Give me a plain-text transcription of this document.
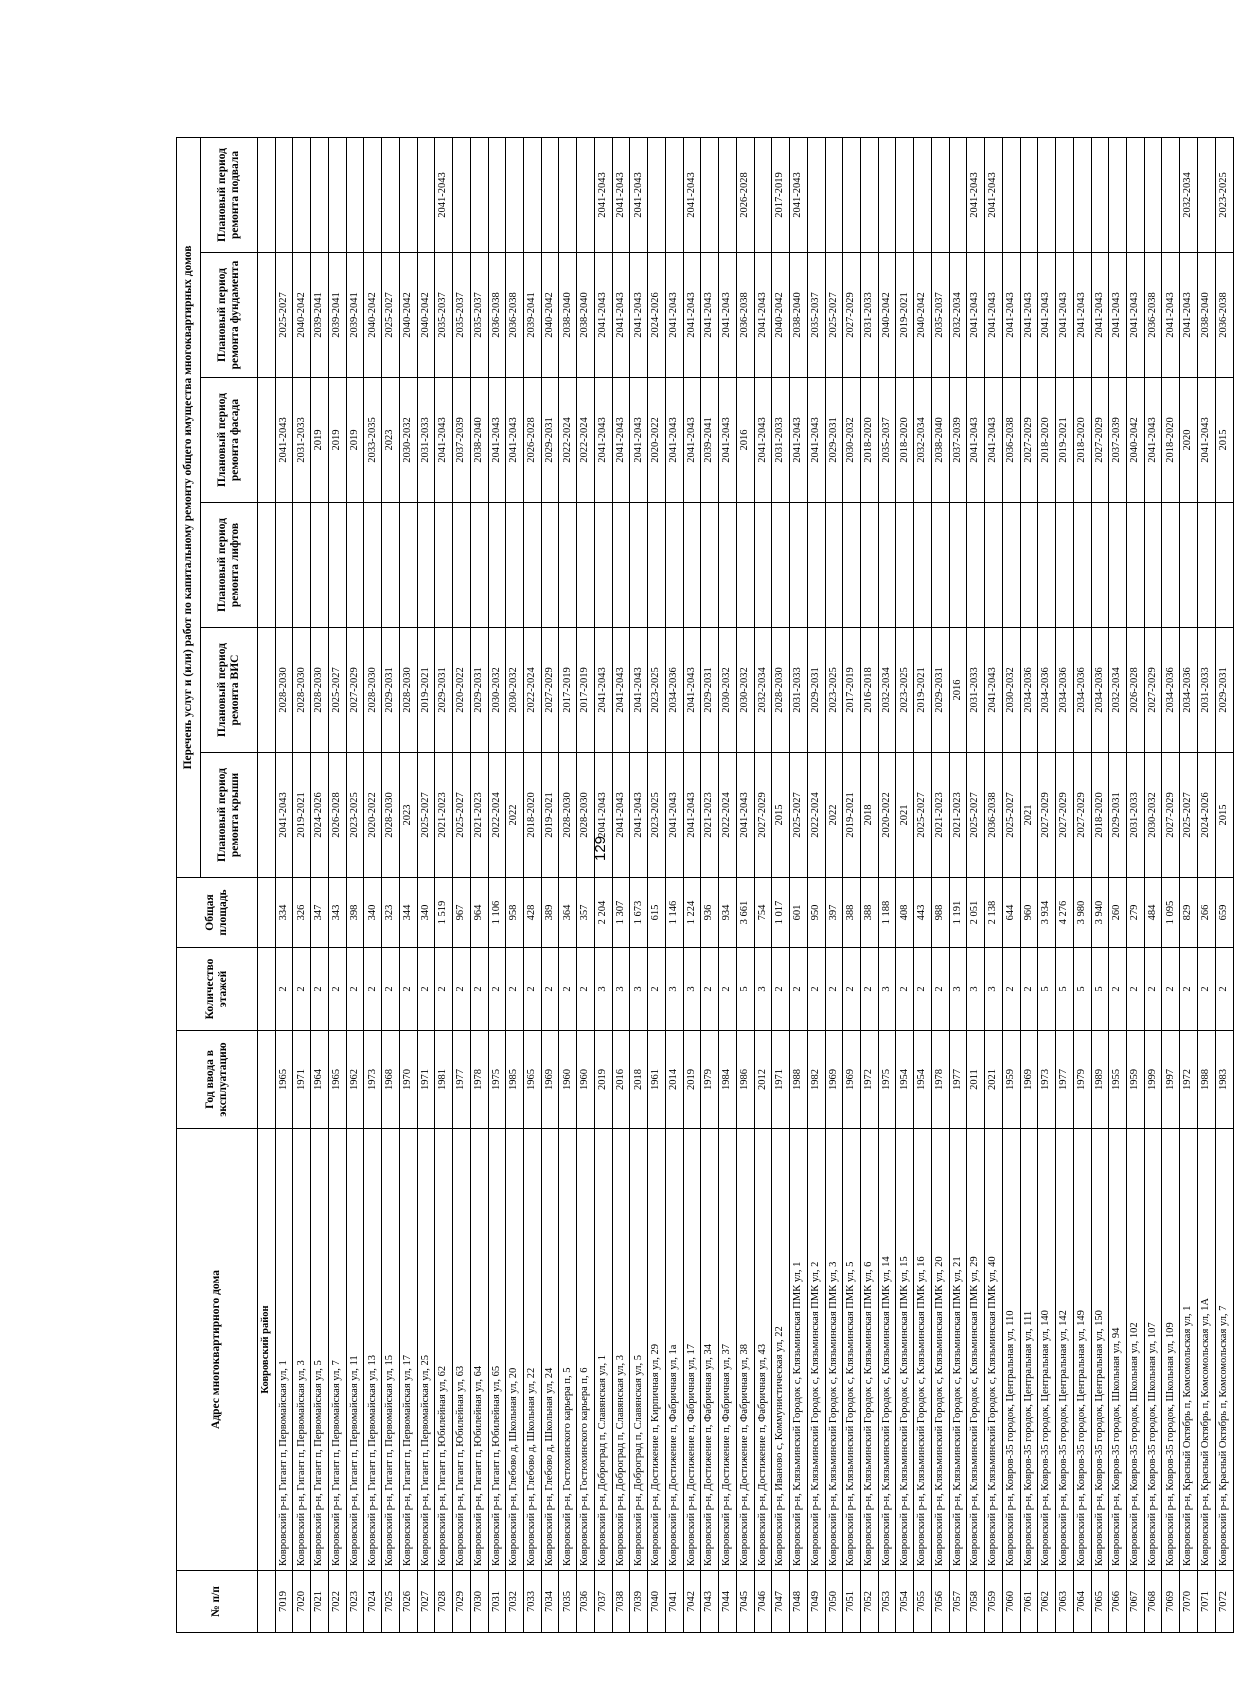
129
№ п/п	Адрес многоквартирного дома	Год ввода в эксплуатацию	Количество этажей	Общая площадь	Перечень услуг и (или) работ по капитальному ремонту общего имущества многоквартирных домов					
					Плановый период ремонта крыши	Плановый период ремонта ВИС	Плановый период ремонта лифтов	Плановый период ремонта фасада	Плановый период ремонта фундамента	Плановый период ремонта подвала
	Ковровский район									
7019	Ковровский р-н, Гигант п, Первомайская ул, 1	1965	2	334	2041-2043	2028-2030		2041-2043	2025-2027	
7020	Ковровский р-н, Гигант п, Первомайская ул, 3	1971	2	326	2019-2021	2028-2030		2031-2033	2040-2042	
7021	Ковровский р-н, Гигант п, Первомайская ул, 5	1964	2	347	2024-2026	2028-2030		2019	2039-2041	
7022	Ковровский р-н, Гигант п, Первомайская ул, 7	1965	2	343	2026-2028	2025-2027		2019	2039-2041	
7023	Ковровский р-н, Гигант п, Первомайская ул, 11	1962	2	398	2023-2025	2027-2029		2019	2039-2041	
7024	Ковровский р-н, Гигант п, Первомайская ул, 13	1973	2	340	2020-2022	2028-2030		2033-2035	2040-2042	
7025	Ковровский р-н, Гигант п, Первомайская ул, 15	1968	2	323	2028-2030	2029-2031		2023	2025-2027	
7026	Ковровский р-н, Гигант п, Первомайская ул, 17	1970	2	344	2023	2028-2030		2030-2032	2040-2042	
7027	Ковровский р-н, Гигант п, Первомайская ул, 25	1971	2	340	2025-2027	2019-2021		2031-2033	2040-2042	
7028	Ковровский р-н, Гигант п, Юбилейная ул, 62	1981	2	1 519	2021-2023	2029-2031		2041-2043	2035-2037	2041-2043
7029	Ковровский р-н, Гигант п, Юбилейная ул, 63	1977	2	967	2025-2027	2020-2022		2037-2039	2035-2037	
7030	Ковровский р-н, Гигант п, Юбилейная ул, 64	1978	2	964	2021-2023	2029-2031		2038-2040	2035-2037	
7031	Ковровский р-н, Гигант п, Юбилейная ул, 65	1975	2	1 106	2022-2024	2030-2032		2041-2043	2036-2038	
7032	Ковровский р-н, Глебово д, Школьная ул, 20	1985	2	958	2022	2030-2032		2041-2043	2036-2038	
7033	Ковровский р-н, Глебово д, Школьная ул, 22	1965	2	428	2018-2020	2022-2024		2026-2028	2039-2041	
7034	Ковровский р-н, Глебово д, Школьная ул, 24	1969	2	389	2019-2021	2027-2029		2029-2031	2040-2042	
7035	Ковровский р-н, Гостюхинского карьера п, 5	1960	2	364	2028-2030	2017-2019		2022-2024	2038-2040	
7036	Ковровский р-н, Гостюхинского карьера п, 6	1960	2	357	2028-2030	2017-2019		2022-2024	2038-2040	
7037	Ковровский р-н, Доброград п, Славянская ул, 1	2019	3	2 204	2041-2043	2041-2043		2041-2043	2041-2043	2041-2043
7038	Ковровский р-н, Доброград п, Славянская ул, 3	2016	3	1 307	2041-2043	2041-2043		2041-2043	2041-2043	2041-2043
7039	Ковровский р-н, Доброград п, Славянская ул, 5	2018	3	1 673	2041-2043	2041-2043		2041-2043	2041-2043	2041-2043
7040	Ковровский р-н, Достижение п, Кирпичная ул, 29	1961	2	615	2023-2025	2023-2025		2020-2022	2024-2026	
7041	Ковровский р-н, Достижение п, Фабричная ул, 1а	2014	3	1 146	2041-2043	2034-2036		2041-2043	2041-2043	
7042	Ковровский р-н, Достижение п, Фабричная ул, 17	2019	3	1 224	2041-2043	2041-2043		2041-2043	2041-2043	2041-2043
7043	Ковровский р-н, Достижение п, Фабричная ул, 34	1979	2	936	2021-2023	2029-2031		2039-2041	2041-2043	
7044	Ковровский р-н, Достижение п, Фабричная ул, 37	1984	2	934	2022-2024	2030-2032		2041-2043	2041-2043	
7045	Ковровский р-н, Достижение п, Фабричная ул, 38	1986	5	3 661	2041-2043	2030-2032		2016	2036-2038	2026-2028
7046	Ковровский р-н, Достижение п, Фабричная ул, 43	2012	3	754	2027-2029	2032-2034		2041-2043	2041-2043	
7047	Ковровский р-н, Иваново с, Коммунистическая ул, 22	1971	2	1 017	2015	2028-2030		2031-2033	2040-2042	2017-2019
7048	Ковровский р-н, Клязьминский Городок с, Клязьминская ПМК ул, 1	1988	2	601	2025-2027	2031-2033		2041-2043	2038-2040	2041-2043
7049	Ковровский р-н, Клязьминский Городок с, Клязьминская ПМК ул, 2	1982	2	950	2022-2024	2029-2031		2041-2043	2035-2037	
7050	Ковровский р-н, Клязьминский Городок с, Клязьминская ПМК ул, 3	1969	2	397	2022	2023-2025		2029-2031	2025-2027	
7051	Ковровский р-н, Клязьминский Городок с, Клязьминская ПМК ул, 5	1969	2	388	2019-2021	2017-2019		2030-2032	2027-2029	
7052	Ковровский р-н, Клязьминский Городок с, Клязьминская ПМК ул, 6	1972	2	388	2018	2016-2018		2018-2020	2031-2033	
7053	Ковровский р-н, Клязьминский Городок с, Клязьминская ПМК ул, 14	1975	3	1 188	2020-2022	2032-2034		2035-2037	2040-2042	
7054	Ковровский р-н, Клязьминский Городок с, Клязьминская ПМК ул, 15	1954	2	408	2021	2023-2025		2018-2020	2019-2021	
7055	Ковровский р-н, Клязьминский Городок с, Клязьминская ПМК ул, 16	1954	2	443	2025-2027	2019-2021		2032-2034	2040-2042	
7056	Ковровский р-н, Клязьминский Городок с, Клязьминская ПМК ул, 20	1978	2	988	2021-2023	2029-2031		2038-2040	2035-2037	
7057	Ковровский р-н, Клязьминский Городок с, Клязьминская ПМК ул, 21	1977	3	1 191	2021-2023	2016		2037-2039	2032-2034	
7058	Ковровский р-н, Клязьминский Городок с, Клязьминская ПМК ул, 29	2011	3	2 051	2025-2027	2031-2033		2041-2043	2041-2043	2041-2043
7059	Ковровский р-н, Клязьминский Городок с, Клязьминская ПМК ул, 40	2021	3	2 138	2036-2038	2041-2043		2041-2043	2041-2043	2041-2043
7060	Ковровский р-н, Ковров-35 городок, Центральная ул, 110	1959	2	644	2025-2027	2030-2032		2036-2038	2041-2043	
7061	Ковровский р-н, Ковров-35 городок, Центральная ул, 111	1969	2	960	2021	2034-2036		2027-2029	2041-2043	
7062	Ковровский р-н, Ковров-35 городок, Центральная ул, 140	1973	5	3 934	2027-2029	2034-2036		2018-2020	2041-2043	
7063	Ковровский р-н, Ковров-35 городок, Центральная ул, 142	1977	5	4 276	2027-2029	2034-2036		2019-2021	2041-2043	
7064	Ковровский р-н, Ковров-35 городок, Центральная ул, 149	1979	5	3 980	2027-2029	2034-2036		2018-2020	2041-2043	
7065	Ковровский р-н, Ковров-35 городок, Центральная ул, 150	1989	5	3 940	2018-2020	2034-2036		2027-2029	2041-2043	
7066	Ковровский р-н, Ковров-35 городок, Школьная ул, 94	1955	2	260	2029-2031	2032-2034		2037-2039	2041-2043	
7067	Ковровский р-н, Ковров-35 городок, Школьная ул, 102	1959	2	279	2031-2033	2026-2028		2040-2042	2041-2043	
7068	Ковровский р-н, Ковров-35 городок, Школьная ул, 107	1999	2	484	2030-2032	2027-2029		2041-2043	2036-2038	
7069	Ковровский р-н, Ковров-35 городок, Школьная ул, 109	1997	2	1 095	2027-2029	2034-2036		2018-2020	2041-2043	
7070	Ковровский р-н, Красный Октябрь п, Комсомольская ул, 1	1972	2	829	2025-2027	2034-2036		2020	2041-2043	2032-2034
7071	Ковровский р-н, Красный Октябрь п, Комсомольская ул, 1А	1988	2	266	2024-2026	2031-2033		2041-2043	2038-2040	
7072	Ковровский р-н, Красный Октябрь п, Комсомольская ул, 7	1983	2	659	2015	2029-2031		2015	2036-2038	2023-2025
